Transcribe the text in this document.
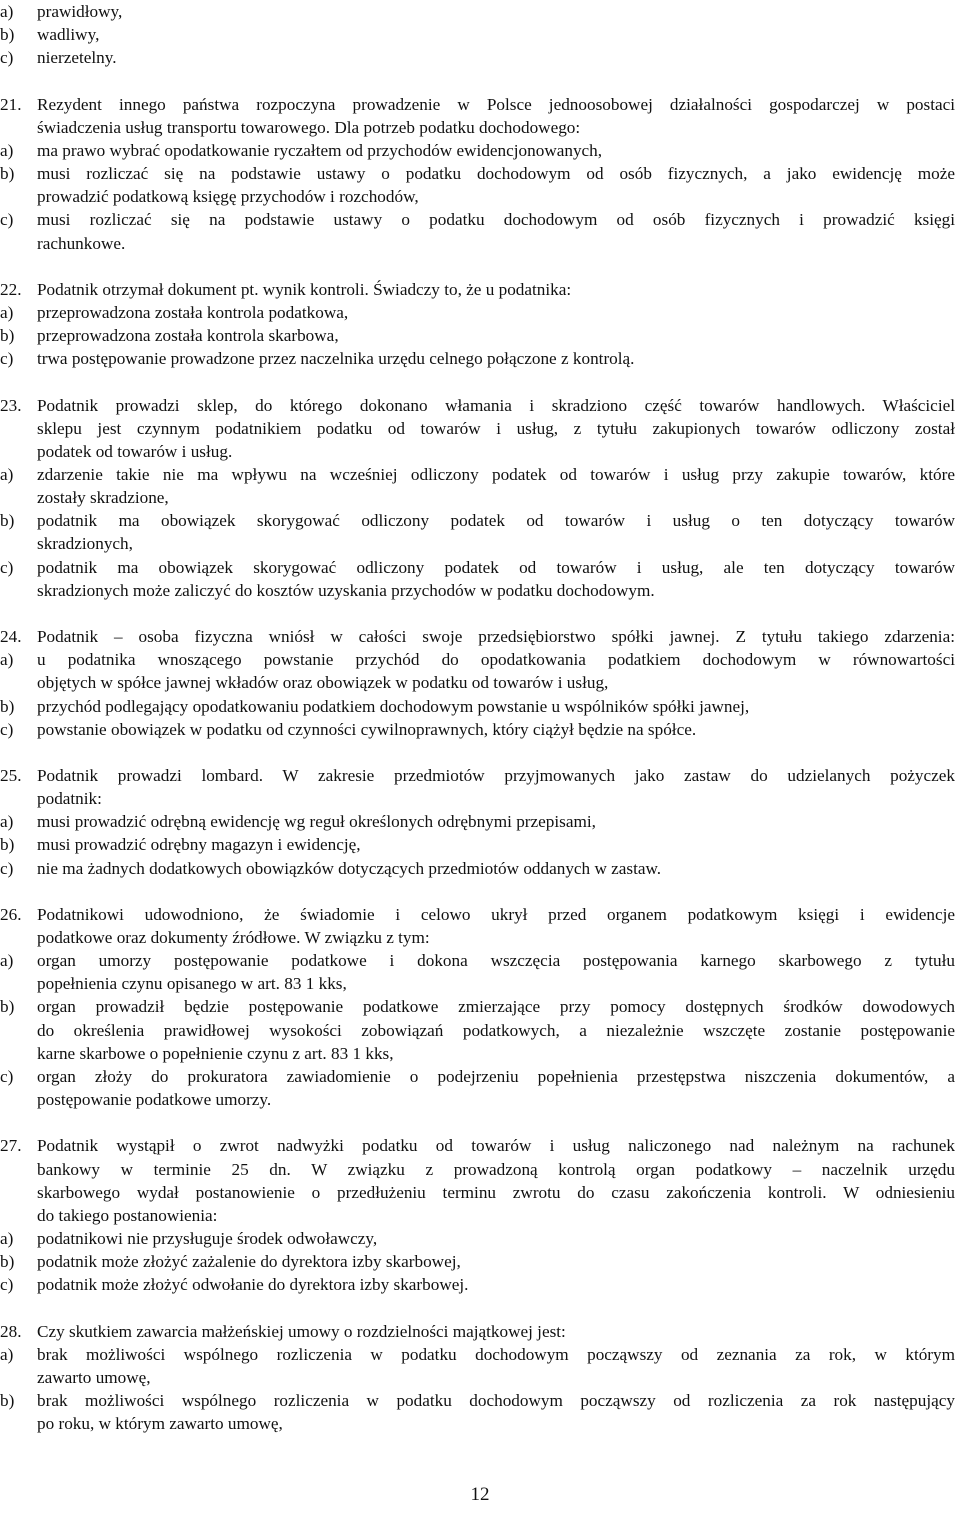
a) prawidłowy,
b) wadliwy,
c) nierzetelny.
21. Rezydent innego państwa rozpoczyna prowadzenie w Polsce jednoosobowej działalności gospodarczej w postaci
świadczenia usług transportu towarowego. Dla potrzeb podatku dochodowego:
a) ma prawo wybrać opodatkowanie ryczałtem od przychodów ewidencjonowanych,
b) musi rozliczać się na podstawie ustawy o podatku dochodowym od osób fizycznych, a jako ewidencję może
prowadzić podatkową księgę przychodów i rozchodów,
c) musi rozliczać się na podstawie ustawy o podatku dochodowym od osób fizycznych i prowadzić księgi
rachunkowe.
22. Podatnik otrzymał dokument pt. wynik kontroli. Świadczy to, że u podatnika:
a) przeprowadzona została kontrola podatkowa,
b) przeprowadzona została kontrola skarbowa,
c) trwa postępowanie prowadzone przez naczelnika urzędu celnego połączone z kontrolą.
23. Podatnik prowadzi sklep, do którego dokonano włamania i skradziono część towarów handlowych. Właściciel
sklepu jest czynnym podatnikiem podatku od towarów i usług, z tytułu zakupionych towarów odliczony został
podatek od towarów i usług.
a) zdarzenie takie nie ma wpływu na wcześniej odliczony podatek od towarów i usług przy zakupie towarów, które
zostały skradzione,
b) podatnik ma obowiązek skorygować odliczony podatek od towarów i usług o ten dotyczący towarów
skradzionych,
c) podatnik ma obowiązek skorygować odliczony podatek od towarów i usług, ale ten dotyczący towarów
skradzionych może zaliczyć do kosztów uzyskania przychodów w podatku dochodowym.
24. Podatnik – osoba fizyczna wniósł w całości swoje przedsiębiorstwo spółki jawnej. Z tytułu takiego zdarzenia:
a) u podatnika wnoszącego powstanie przychód do opodatkowania podatkiem dochodowym w równowartości
objętych w spółce jawnej wkładów oraz obowiązek w podatku od towarów i usług,
b) przychód podlegający opodatkowaniu podatkiem dochodowym powstanie u wspólników spółki jawnej,
c) powstanie obowiązek w podatku od czynności cywilnoprawnych, który ciążył będzie na spółce.
25. Podatnik prowadzi lombard. W zakresie przedmiotów przyjmowanych jako zastaw do udzielanych pożyczek
podatnik:
a) musi prowadzić odrębną ewidencję wg reguł określonych odrębnymi przepisami,
b) musi prowadzić odrębny magazyn i ewidencję,
c) nie ma żadnych dodatkowych obowiązków dotyczących przedmiotów oddanych w zastaw.
26. Podatnikowi udowodniono, że świadomie i celowo ukrył przed organem podatkowym księgi i ewidencje
podatkowe oraz dokumenty źródłowe. W związku z tym:
a) organ umorzy postępowanie podatkowe i dokona wszczęcia postępowania karnego skarbowego z tytułu
popełnienia czynu opisanego w art. 83 1 kks,
b) organ prowadził będzie postępowanie podatkowe zmierzające przy pomocy dostępnych środków dowodowych
do określenia prawidłowej wysokości zobowiązań podatkowych, a niezależnie wszczęte zostanie postępowanie
karne skarbowe o popełnienie czynu z art. 83 1 kks,
c) organ złoży do prokuratora zawiadomienie o podejrzeniu popełnienia przestępstwa niszczenia dokumentów, a
postępowanie podatkowe umorzy.
27. Podatnik wystąpił o zwrot nadwyżki podatku od towarów i usług naliczonego nad należnym na rachunek
bankowy w terminie 25 dn. W związku z prowadzoną kontrolą organ podatkowy – naczelnik urzędu
skarbowego wydał postanowienie o przedłużeniu terminu zwrotu do czasu zakończenia kontroli. W odniesieniu
do takiego postanowienia:
a) podatnikowi nie przysługuje środek odwoławczy,
b) podatnik może złożyć zażalenie do dyrektora izby skarbowej,
c) podatnik może złożyć odwołanie do dyrektora izby skarbowej.
28. Czy skutkiem zawarcia małżeńskiej umowy o rozdzielności majątkowej jest:
a) brak możliwości wspólnego rozliczenia w podatku dochodowym począwszy od zeznania za rok, w którym
zawarto umowę,
b) brak możliwości wspólnego rozliczenia w podatku dochodowym począwszy od rozliczenia za rok następujący
po roku, w którym zawarto umowę,
12
